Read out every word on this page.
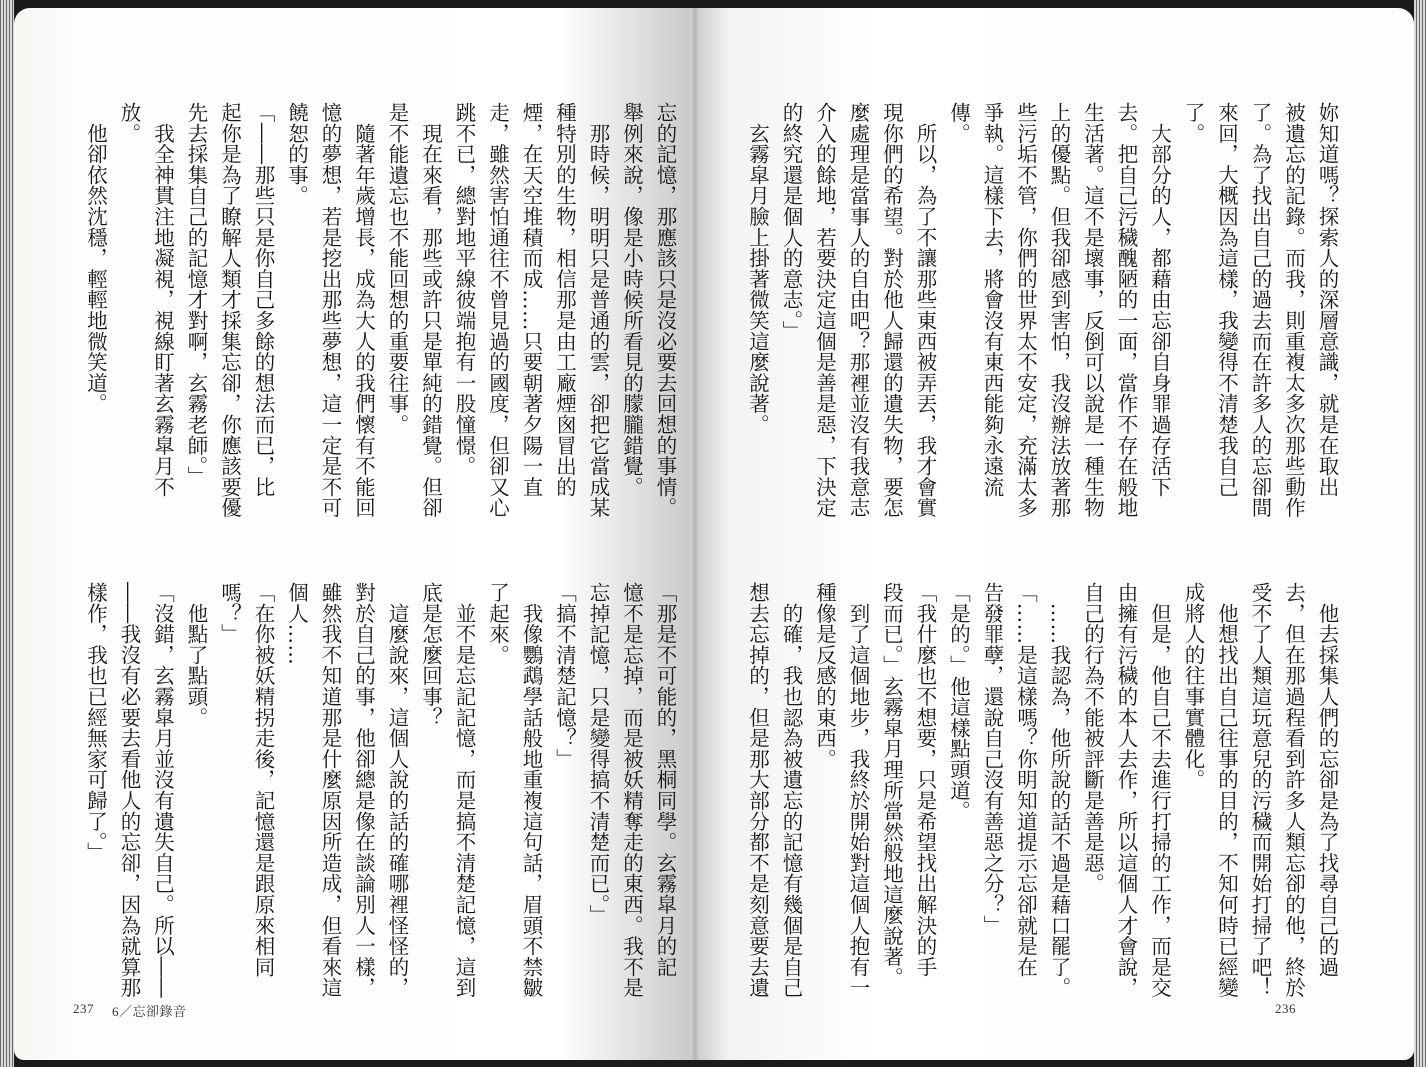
妳知道嗎？探索人的深層意識，就是在取出
被遺忘的記錄。而我，則重複太多次那些動作
了。為了找出自己的過去而在許多人的忘卻間
來回，大概因為這樣，我變得不清楚我自己
了。
　大部分的人，都藉由忘卻自身罪過存活下
去。把自己污穢醜陋的一面，當作不存在般地
生活著。這不是壞事，反倒可以說是一種生物
上的優點。但我卻感到害怕，我沒辦法放著那
些污垢不管，你們的世界太不安定，充滿太多
爭執。這樣下去，將會沒有東西能夠永遠流
傳。
　所以，為了不讓那些東西被弄丟，我才會實
現你們的希望。對於他人歸還的遺失物，要怎
麼處理是當事人的自由吧？那裡並沒有我意志
介入的餘地，若要決定這個是善是惡，下決定
的終究還是個人的意志。」
　玄霧皐月臉上掛著微笑這麼說著。
　他去採集人們的忘卻是為了找尋自己的過
去，但在那過程看到許多人類忘卻的他，終於
受不了人類這玩意兒的污穢而開始打掃了吧！
　他想找出自己往事的目的，不知何時已經變
成將人的往事實體化。
　但是，他自己不去進行打掃的工作，而是交
由擁有污穢的本人去作，所以這個人才會說，
自己的行為不能被評斷是善是惡。
　……我認為，他所說的話不過是藉口罷了。
「……是這樣嗎？你明知道提示忘卻就是在
告發罪孽，還說自己沒有善惡之分？」
「是的。」他這樣點頭道。
「我什麼也不想要，只是希望找出解決的手
段而已。」玄霧皐月理所當然般地這麼說著。
　到了這個地步，我終於開始對這個人抱有一
種像是反感的東西。
　的確，我也認為被遺忘的記憶有幾個是自己
想去忘掉的，但是那大部分都不是刻意要去遺
236
忘的記憶，那應該只是沒必要去回想的事情。
舉例來說，像是小時候所看見的朦朧錯覺。
　那時候，明明只是普通的雲，卻把它當成某
種特別的生物，相信那是由工廠煙囪冒出的
煙，在天空堆積而成……只要朝著夕陽一直
走，雖然害怕通往不曾見過的國度，但卻又心
跳不已，總對地平線彼端抱有一股憧憬。
　現在來看，那些或許只是單純的錯覺。但卻
是不能遺忘也不能回想的重要往事。
　隨著年歲增長，成為大人的我們懷有不能回
憶的夢想，若是挖出那些夢想，這一定是不可
饒恕的事。
「――那些只是你自己多餘的想法而已，比
起你是為了瞭解人類才採集忘卻，你應該要優
先去採集自己的記憶才對啊，玄霧老師。」
　我全神貫注地凝視，視線盯著玄霧皐月不
放。
　他卻依然沈穩，輕輕地微笑道。
「那是不可能的，黑桐同學。玄霧皐月的記
憶不是忘掉，而是被妖精奪走的東西。我不是
忘掉記憶，只是變得搞不清楚而已。」
「搞不清楚記憶？」
　我像鸚鵡學話般地重複這句話，眉頭不禁皺
了起來。
　並不是忘記記憶，而是搞不清楚記憶，這到
底是怎麼回事？
　這麼說來，這個人說的話的確哪裡怪怪的，
對於自己的事，他卻總是像在談論別人一樣，
雖然我不知道那是什麼原因所造成，但看來這
個人……
「在你被妖精拐走後，記憶還是跟原來相同
嗎？」
　他點了點頭。
「沒錯，玄霧皐月並沒有遺失自己。所以――
――我沒有必要去看他人的忘卻，因為就算那
樣作，我也已經無家可歸了。」
237 6／忘卻錄音
